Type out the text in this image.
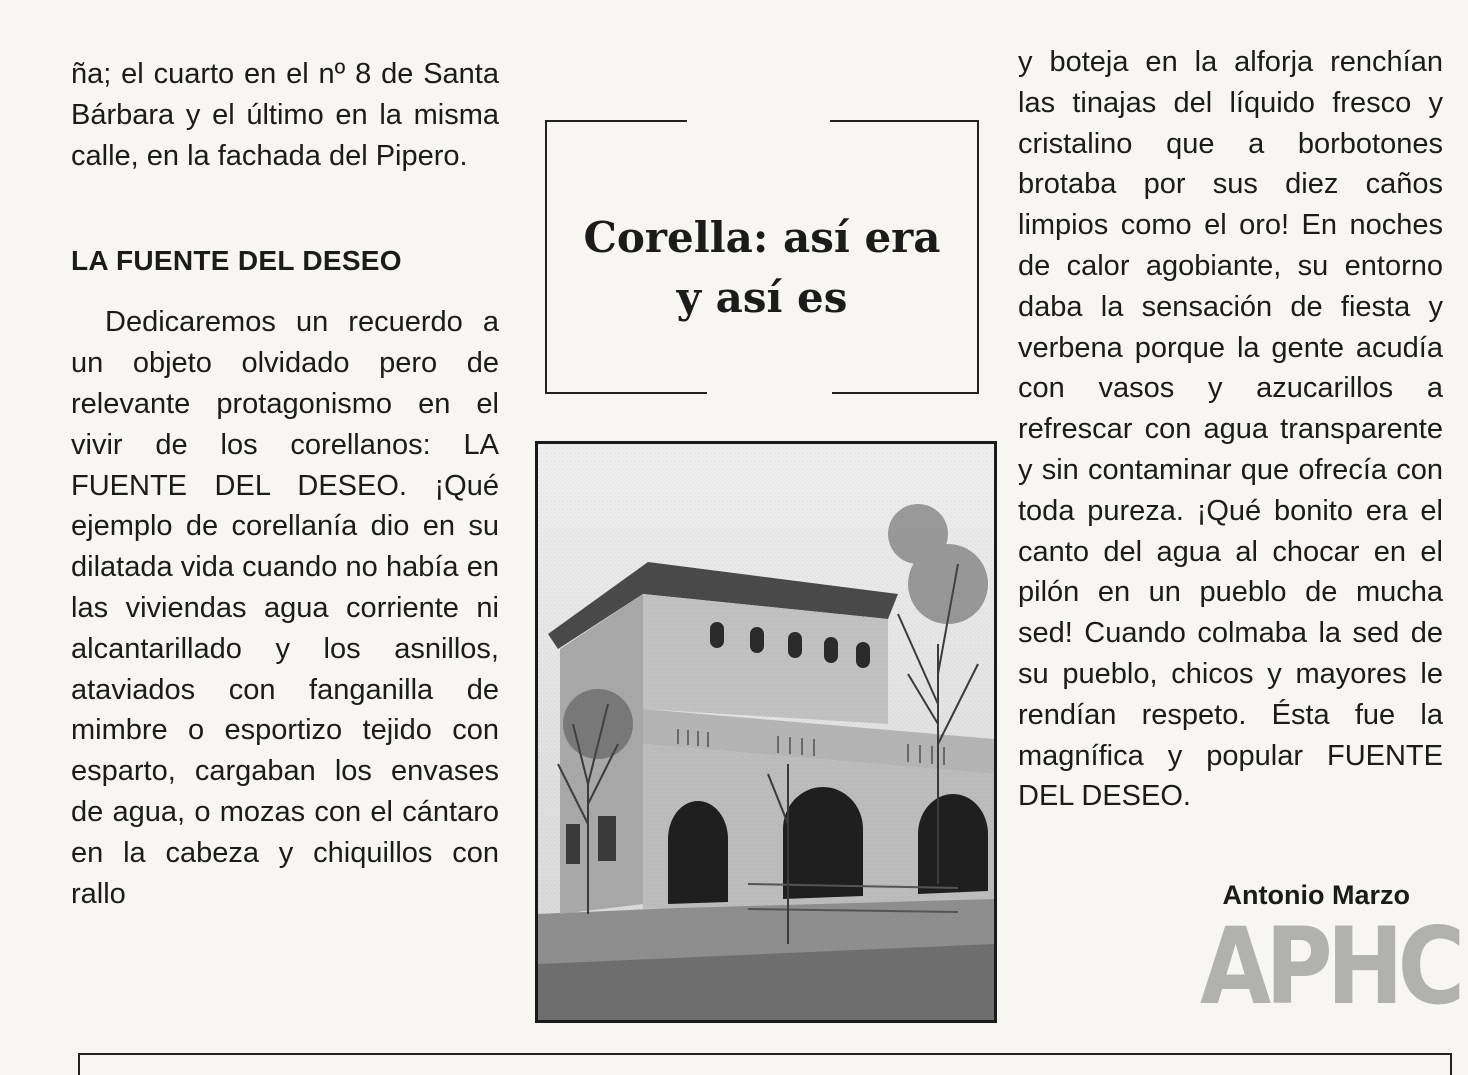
ña; el cuarto en el nº 8 de Santa Bárbara y el último en la misma calle, en la fachada del Pipero.

LA FUENTE DEL DESEO

Dedicaremos un recuerdo a un objeto olvidado pero de relevante protagonismo en el vivir de los corellanos: LA FUENTE DEL DESEO. ¡Qué ejemplo de corellanía dio en su dilatada vida cuando no había en las viviendas agua corriente ni alcantarillado y los asnillos, ataviados con fanganilla de mimbre o esportizo tejido con esparto, cargaban los envases de agua, o mozas con el cántaro en la cabeza y chiquillos con rallo

Corella: así era
y así es

y boteja en la alforja renchían las tinajas del líquido fresco y cristalino que a borbotones brotaba por sus diez caños limpios como el oro! En noches de calor agobiante, su entorno daba la sensación de fiesta y verbena porque la gente acudía con vasos y azucarillos a refrescar con agua transparente y sin contaminar que ofrecía con toda pureza. ¡Qué bonito era el canto del agua al chocar en el pilón en un pueblo de mucha sed! Cuando colmaba la sed de su pueblo, chicos y mayores le rendían respeto. Ésta fue la magnífica y popular FUENTE DEL DESEO.

Antonio Marzo
APHC
